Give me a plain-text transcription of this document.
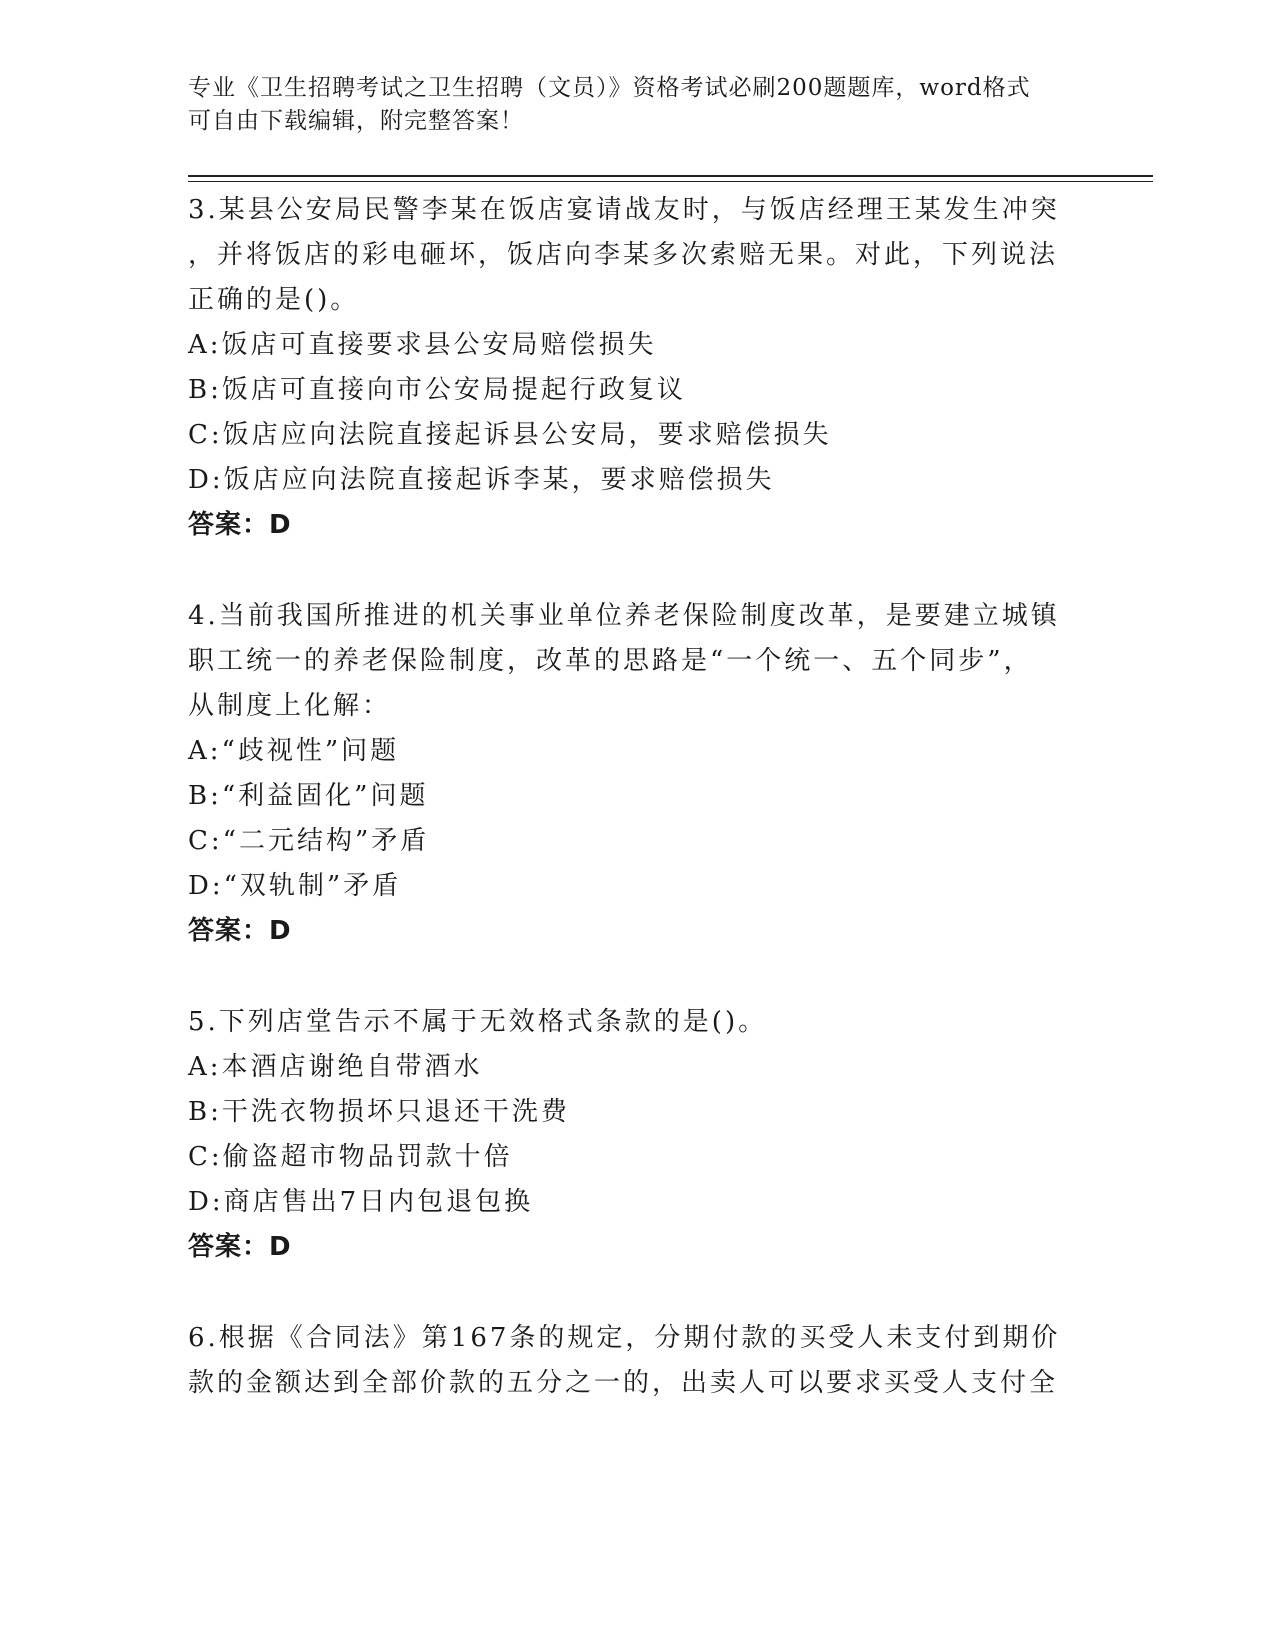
专业《卫生招聘考试之卫生招聘（文员）》资格考试必刷200题题库，word格式
可自由下载编辑，附完整答案！
3.某县公安局民警李某在饭店宴请战友时，与饭店经理王某发生冲突
，并将饭店的彩电砸坏，饭店向李某多次索赔无果。对此，下列说法
正确的是()。
A:饭店可直接要求县公安局赔偿损失
B:饭店可直接向市公安局提起行政复议
C:饭店应向法院直接起诉县公安局，要求赔偿损失
D:饭店应向法院直接起诉李某，要求赔偿损失
答案：D
4.当前我国所推进的机关事业单位养老保险制度改革，是要建立城镇
职工统一的养老保险制度，改革的思路是“一个统一、五个同步”，
从制度上化解：
A:“歧视性”问题
B:“利益固化”问题
C:“二元结构”矛盾
D:“双轨制”矛盾
答案：D
5.下列店堂告示不属于无效格式条款的是()。
A:本酒店谢绝自带酒水
B:干洗衣物损坏只退还干洗费
C:偷盗超市物品罚款十倍
D:商店售出7日内包退包换
答案：D
6.根据《合同法》第167条的规定，分期付款的买受人未支付到期价
款的金额达到全部价款的五分之一的，出卖人可以要求买受人支付全
